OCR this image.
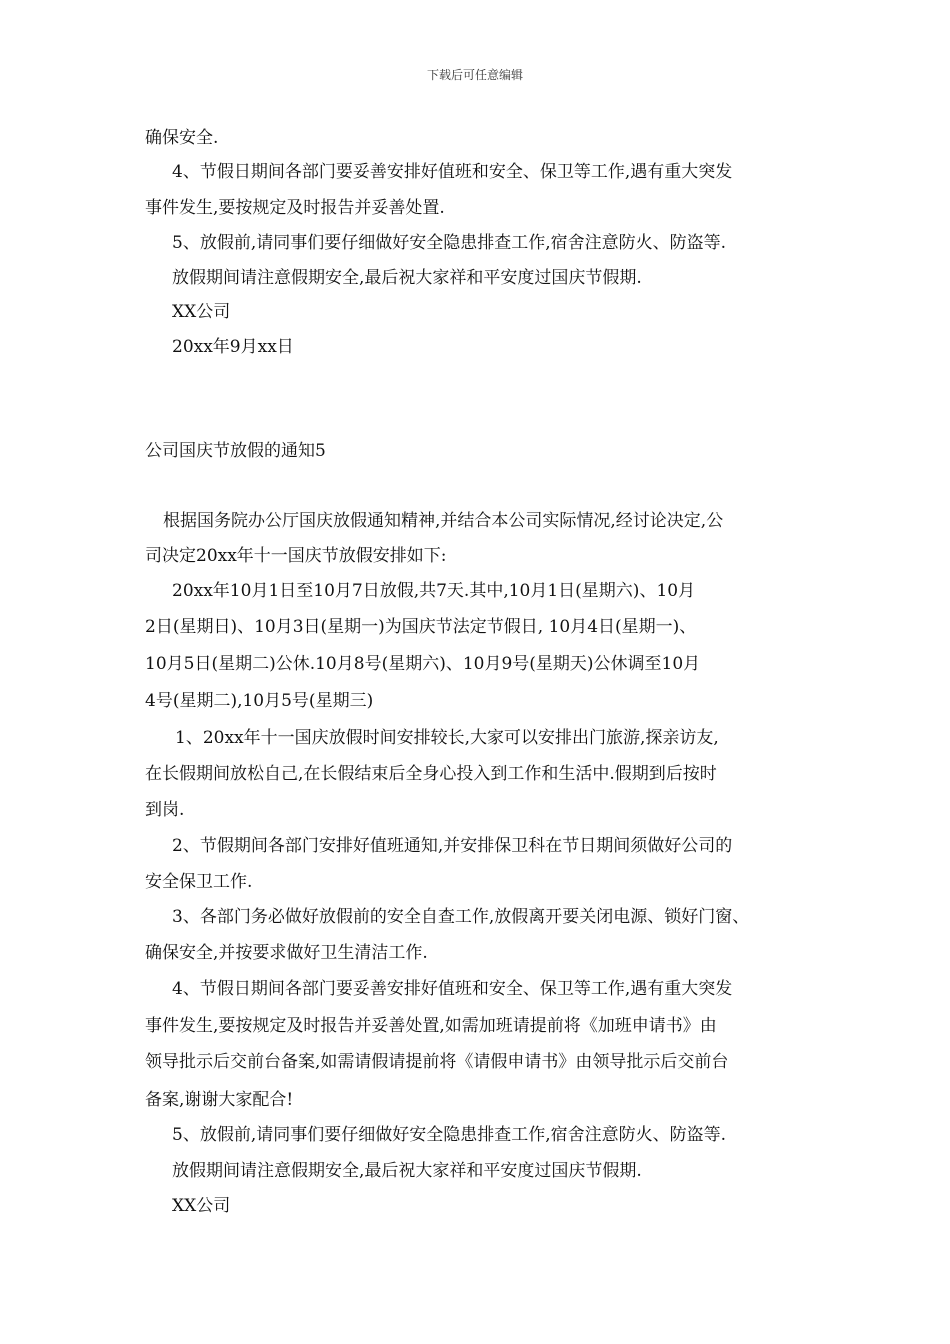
下载后可任意编辑
确保安全.
4、节假日期间各部门要妥善安排好值班和安全、保卫等工作,遇有重大突发
事件发生,要按规定及时报告并妥善处置.
5、放假前,请同事们要仔细做好安全隐患排查工作,宿舍注意防火、防盗等.
放假期间请注意假期安全,最后祝大家祥和平安度过国庆节假期.
XX公司
20xx年9月xx日
公司国庆节放假的通知5
根据国务院办公厅国庆放假通知精神,并结合本公司实际情况,经讨论决定,公
司决定20xx年十一国庆节放假安排如下:
20xx年10月1日至10月7日放假,共7天.其中,10月1日(星期六)、10月
2日(星期日)、10月3日(星期一)为国庆节法定节假日, 10月4日(星期一)、
10月5日(星期二)公休.10月8号(星期六)、10月9号(星期天)公休调至10月
4号(星期二),10月5号(星期三)
1、20xx年十一国庆放假时间安排较长,大家可以安排出门旅游,探亲访友,
在长假期间放松自己,在长假结束后全身心投入到工作和生活中.假期到后按时
到岗.
2、节假期间各部门安排好值班通知,并安排保卫科在节日期间须做好公司的
安全保卫工作.
3、各部门务必做好放假前的安全自查工作,放假离开要关闭电源、锁好门窗、
确保安全,并按要求做好卫生清洁工作.
4、节假日期间各部门要妥善安排好值班和安全、保卫等工作,遇有重大突发
事件发生,要按规定及时报告并妥善处置,如需加班请提前将《加班申请书》由
领导批示后交前台备案,如需请假请提前将《请假申请书》由领导批示后交前台
备案,谢谢大家配合!
5、放假前,请同事们要仔细做好安全隐患排查工作,宿舍注意防火、防盗等.
放假期间请注意假期安全,最后祝大家祥和平安度过国庆节假期.
XX公司
